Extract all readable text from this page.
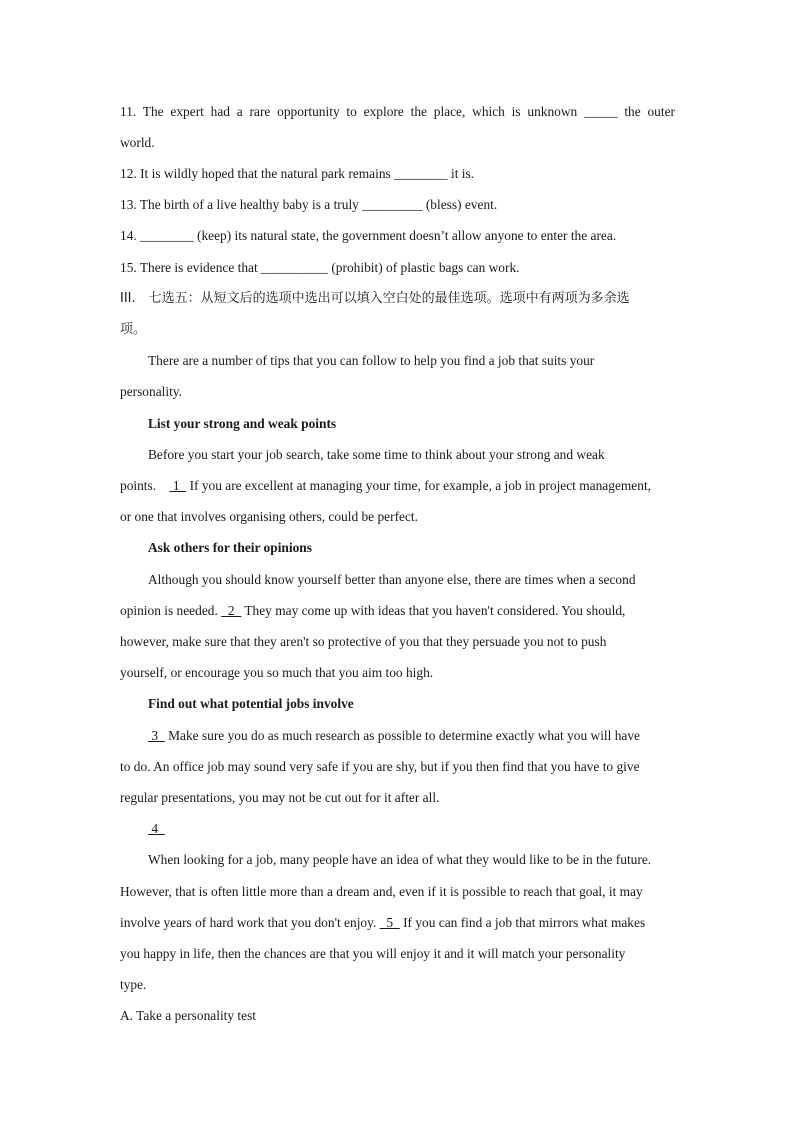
11. The expert had a rare opportunity to explore the place, which is unknown _____ the outer
world.
12. It is wildly hoped that the natural park remains ________ it is.
13. The birth of a live healthy baby is a truly _________ (bless) event.
14. ________ (keep) its natural state, the government doesn’t allow anyone to enter the area.
15. There is evidence that __________ (prohibit) of plastic bags can work.
III.　七选五：从短文后的选项中选出可以填入空白处的最佳选项。选项中有两项为多余选
项。
There are a number of tips that you can follow to help you find a job that suits your
personality.
List your strong and weak points
Before you start your job search, take some time to think about your strong and weak
points.     1   If you are excellent at managing your time, for example, a job in project management,
or one that involves organising others, could be perfect.
Ask others for their opinions
Although you should know yourself better than anyone else, there are times when a second
opinion is needed.   2   They may come up with ideas that you haven't considered. You should,
however, make sure that they aren't so protective of you that they persuade you not to push
yourself, or encourage you so much that you aim too high.
Find out what potential jobs involve
3   Make sure you do as much research as possible to determine exactly what you will have
to do. An office job may sound very safe if you are shy, but if you then find that you have to give
regular presentations, you may not be cut out for it after all.
4
When looking for a job, many people have an idea of what they would like to be in the future.
However, that is often little more than a dream and, even if it is possible to reach that goal, it may
involve years of hard work that you don't enjoy.   5   If you can find a job that mirrors what makes
you happy in life, then the chances are that you will enjoy it and it will match your personality
type.
A. Take a personality test
